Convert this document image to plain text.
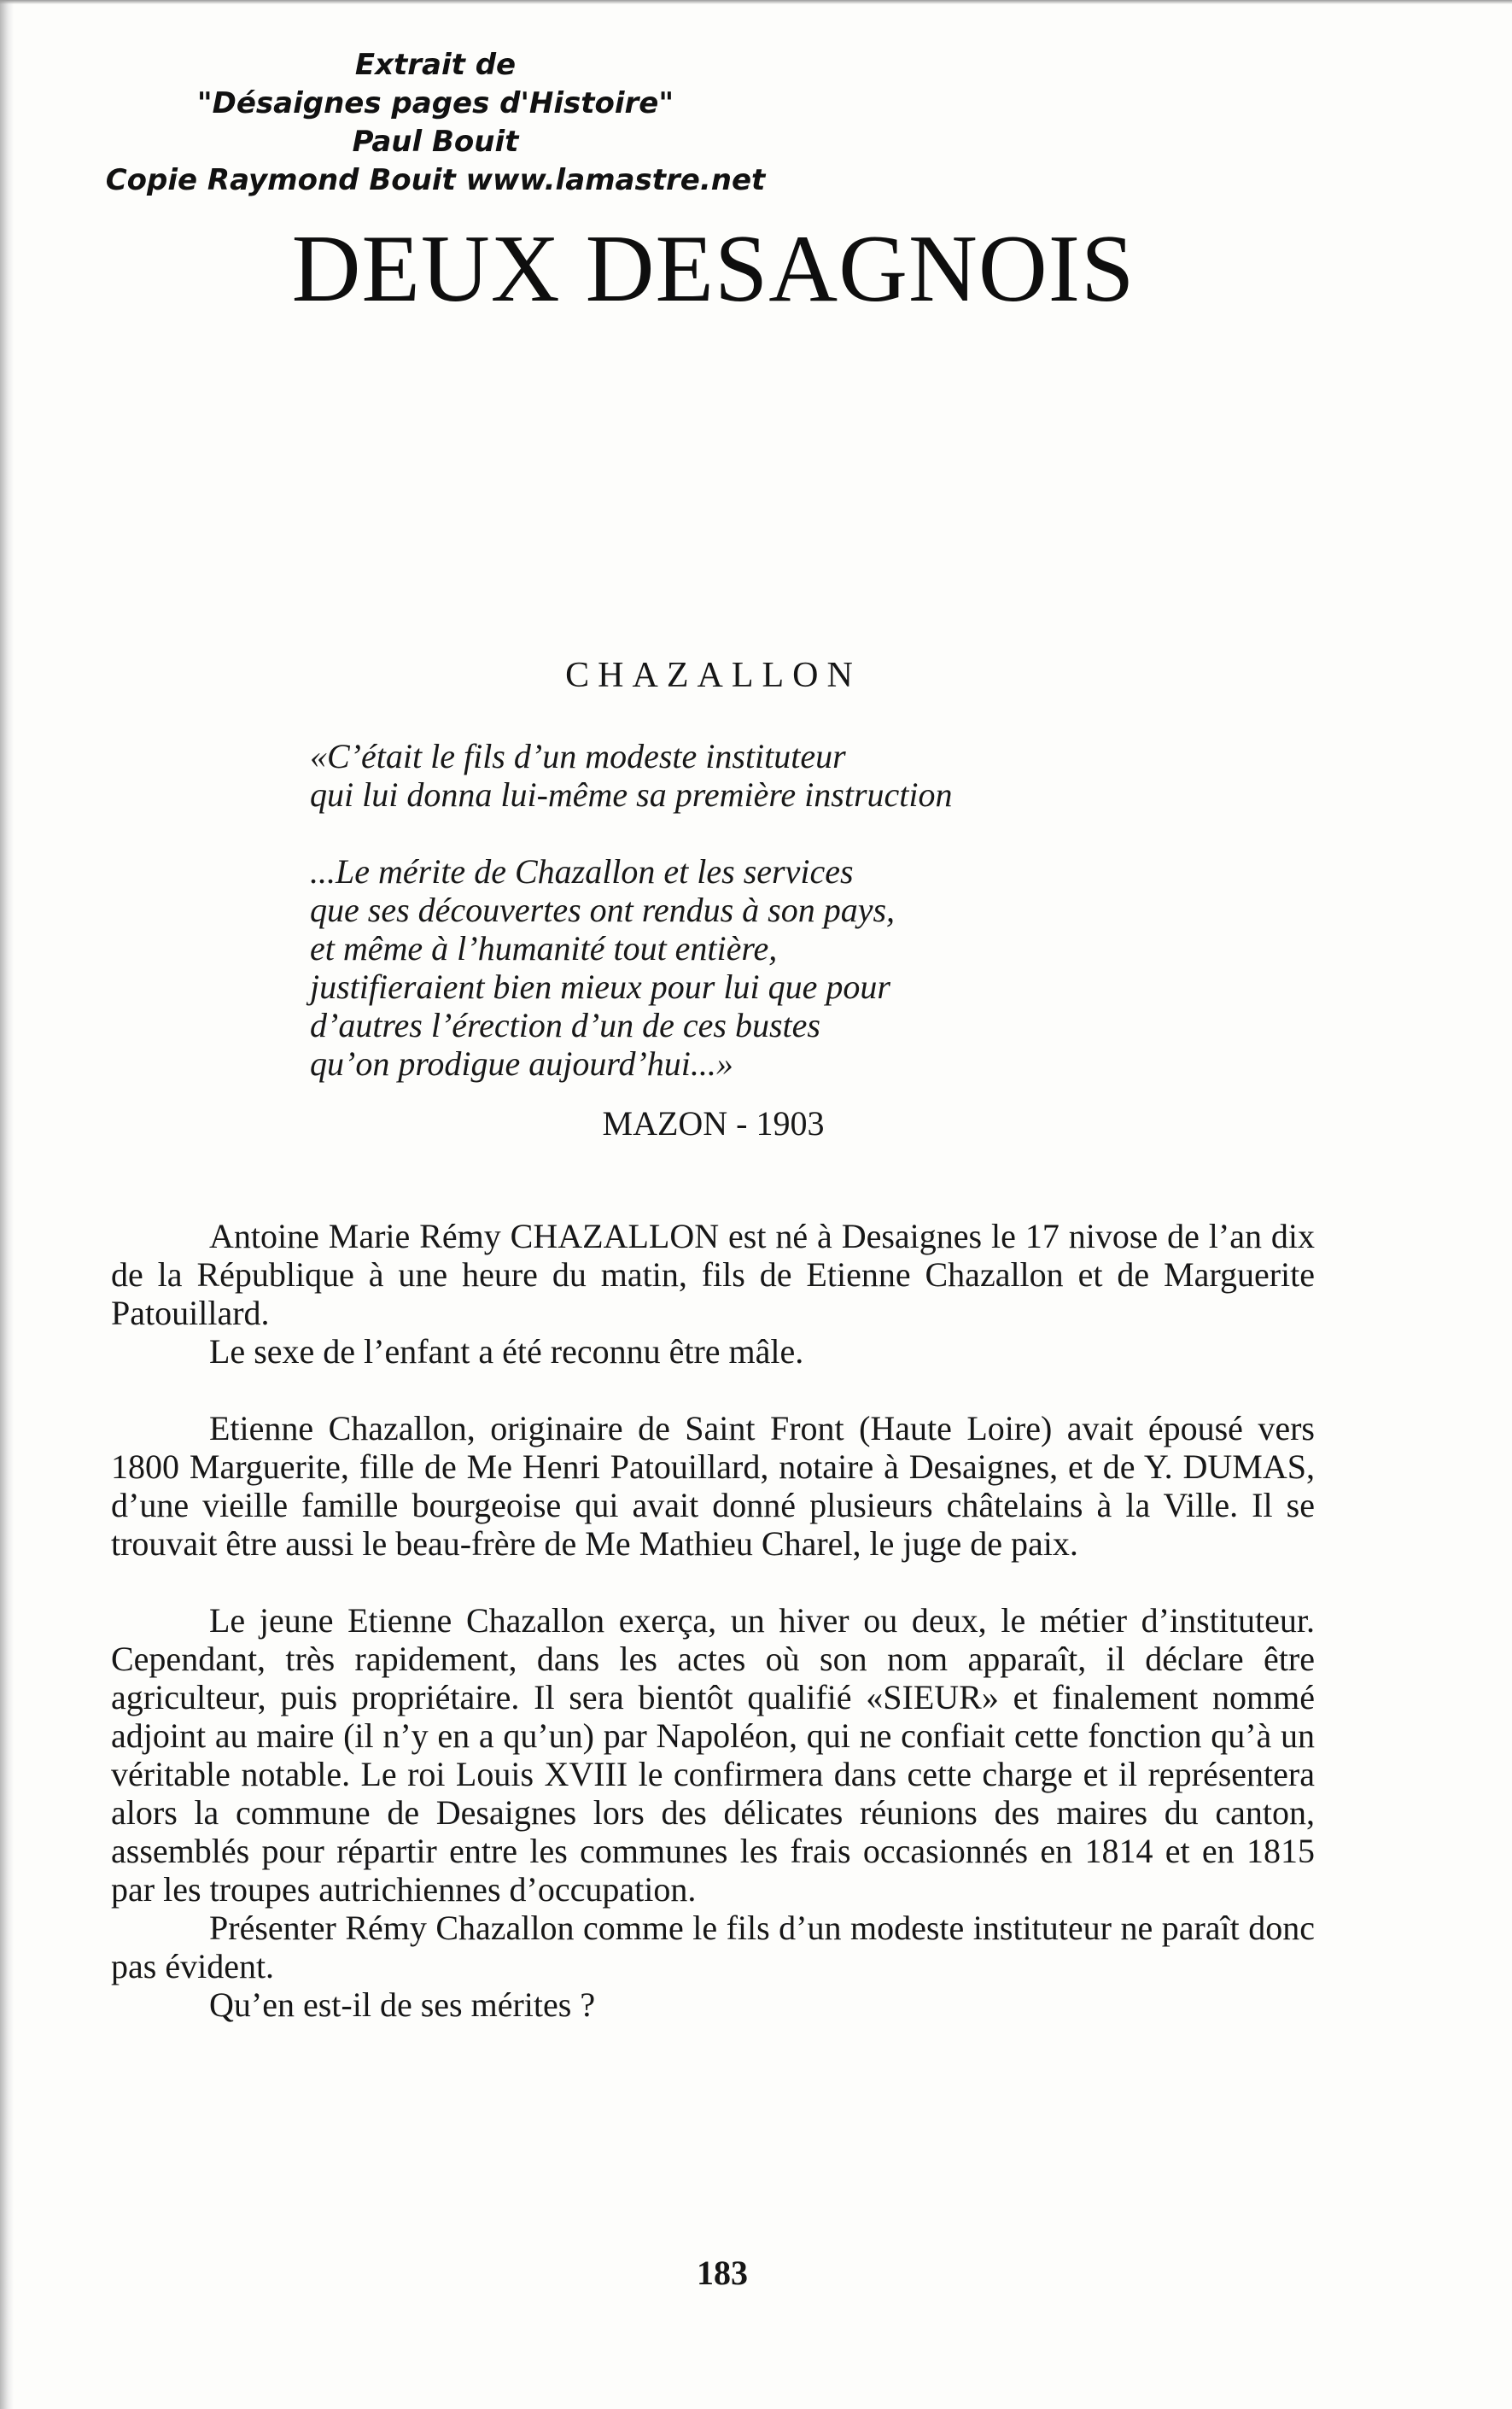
Extrait de
"Désaignes pages d'Histoire"
Paul Bouit
Copie Raymond Bouit www.lamastre.net
DEUX DESAGNOIS
CHAZALLON
«C’était le fils d’un modeste instituteur
qui lui donna lui-même sa première instruction
...Le mérite de Chazallon et les services
que ses découvertes ont rendus à son pays,
et même à l’humanité tout entière,
justifieraient bien mieux pour lui que pour
d’autres l’érection d’un de ces bustes
qu’on prodigue aujourd’hui...»
MAZON - 1903

Antoine Marie Rémy CHAZALLON est né à Desaignes le 17 nivose de l’an dix de la République à une heure du matin, fils de Etienne Chazallon et de Marguerite Patouillard.

Le sexe de l’enfant a été reconnu être mâle.

Etienne Chazallon, originaire de Saint Front (Haute Loire) avait épousé vers 1800 Marguerite, fille de Me Henri Patouillard, notaire à Desaignes, et de Y. DUMAS, d’une vieille famille bourgeoise qui avait donné plusieurs châtelains à la Ville. Il se trouvait être aussi le beau-frère de Me Mathieu Charel, le juge de paix.

Le jeune Etienne Chazallon exerça, un hiver ou deux, le métier d’instituteur. Cependant, très rapidement, dans les actes où son nom apparaît, il déclare être agriculteur, puis propriétaire. Il sera bientôt qualifié «SIEUR» et finalement nommé adjoint au maire (il n’y en a qu’un) par Napoléon, qui ne confiait cette fonction qu’à un véritable notable. Le roi Louis XVIII le confirmera dans cette charge et il représentera alors la commune de Desaignes lors des délicates réunions des maires du canton, assemblés pour répartir entre les communes les frais occasionnés en 1814 et en 1815 par les troupes autrichiennes d’occupation.

Présenter Rémy Chazallon comme le fils d’un modeste instituteur ne paraît donc pas évident.

Qu’en est-il de ses mérites ?

183
